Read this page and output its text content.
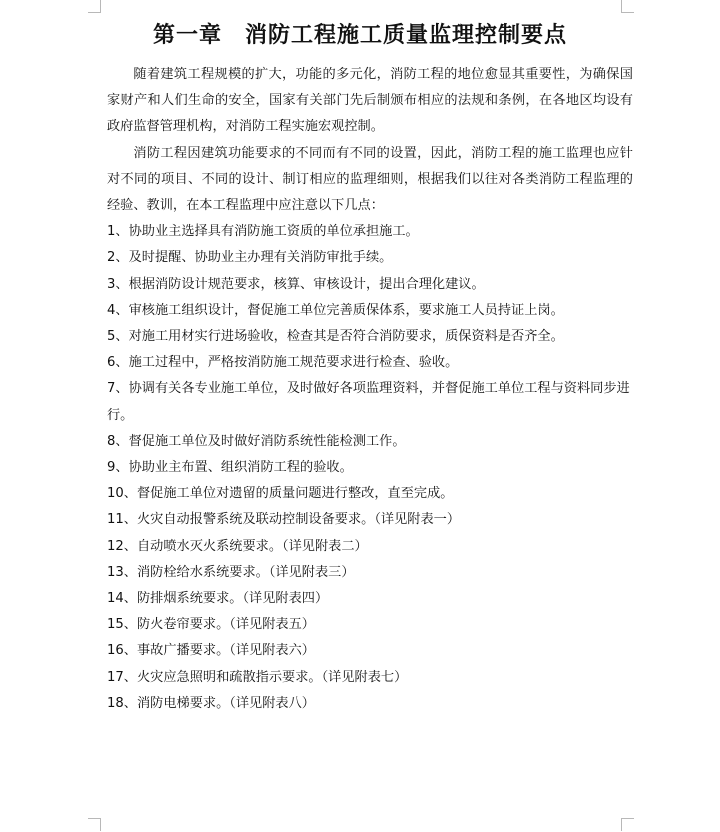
第一章　消防工程施工质量监理控制要点

随着建筑工程规模的扩大，功能的多元化，消防工程的地位愈显其重要性，为确保国家财产和人们生命的安全，国家有关部门先后制颁布相应的法规和条例，在各地区均设有政府监督管理机构，对消防工程实施宏观控制。

消防工程因建筑功能要求的不同而有不同的设置，因此，消防工程的施工监理也应针对不同的项目、不同的设计、制订相应的监理细则，根据我们以往对各类消防工程监理的经验、教训，在本工程监理中应注意以下几点：

1、协助业主选择具有消防施工资质的单位承担施工。
2、及时提醒、协助业主办理有关消防审批手续。
3、根据消防设计规范要求，核算、审核设计，提出合理化建议。
4、审核施工组织设计，督促施工单位完善质保体系，要求施工人员持证上岗。
5、对施工用材实行进场验收，检查其是否符合消防要求，质保资料是否齐全。
6、施工过程中，严格按消防施工规范要求进行检查、验收。
7、协调有关各专业施工单位，及时做好各项监理资料，并督促施工单位工程与资料同步进行。
8、督促施工单位及时做好消防系统性能检测工作。
9、协助业主布置、组织消防工程的验收。
10、督促施工单位对遗留的质量问题进行整改，直至完成。
11、火灾自动报警系统及联动控制设备要求。（详见附表一）
12、自动喷水灭火系统要求。（详见附表二）
13、消防栓给水系统要求。（详见附表三）
14、防排烟系统要求。（详见附表四）
15、防火卷帘要求。（详见附表五）
16、事故广播要求。（详见附表六）
17、火灾应急照明和疏散指示要求。（详见附表七）
18、消防电梯要求。（详见附表八）
